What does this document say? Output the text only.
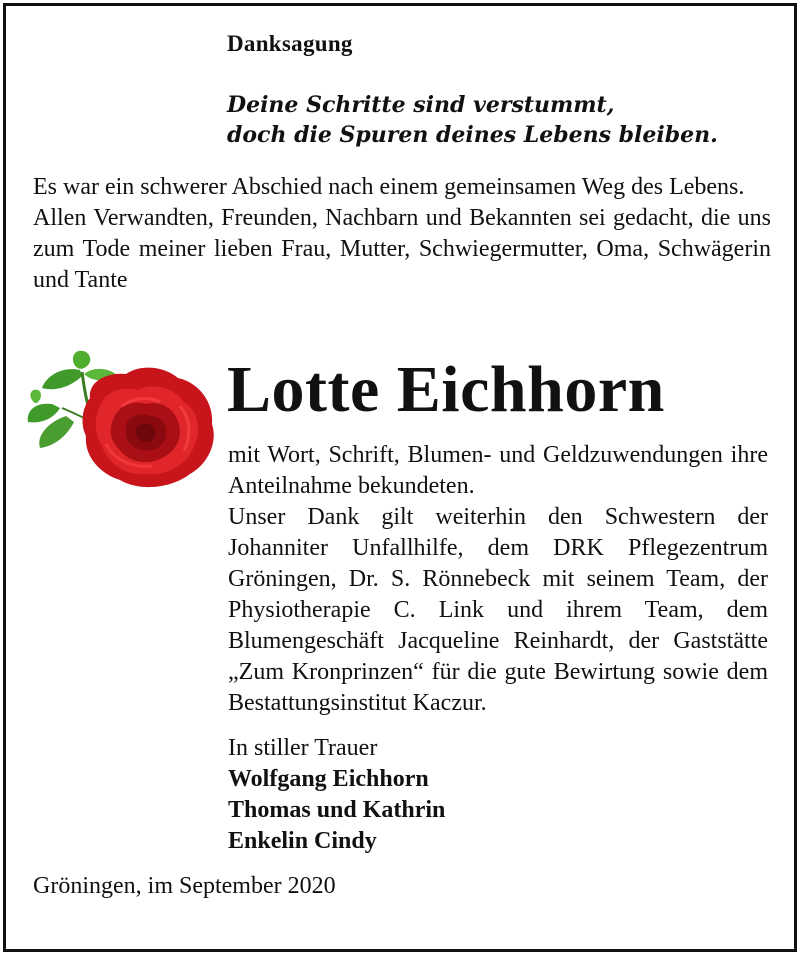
Danksagung
Deine Schritte sind verstummt,
doch die Spuren deines Lebens bleiben.

Es war ein schwerer Abschied nach einem gemeinsamen Weg des Lebens.

Allen Verwandten, Freunden, Nachbarn und Bekannten sei gedacht, die uns zum Tode meiner lieben Frau, Mutter, Schwiegermutter, Oma, Schwägerin und Tante

Lotte Eichhorn

mit Wort, Schrift, Blumen- und Geldzuwendungen ihre Anteilnahme bekundeten.

Unser Dank gilt weiterhin den Schwestern der Johanniter Unfallhilfe, dem DRK Pflegezentrum Gröningen, Dr. S. Rönnebeck mit seinem Team, der Physiotherapie C. Link und ihrem Team, dem Blumengeschäft Jacqueline Reinhardt, der Gaststätte „Zum Kronprinzen“ für die gute Bewirtung sowie dem Bestattungsinstitut Kaczur.

In stiller Trauer
Wolfgang Eichhorn
Thomas und Kathrin
Enkelin Cindy
Gröningen, im September 2020
